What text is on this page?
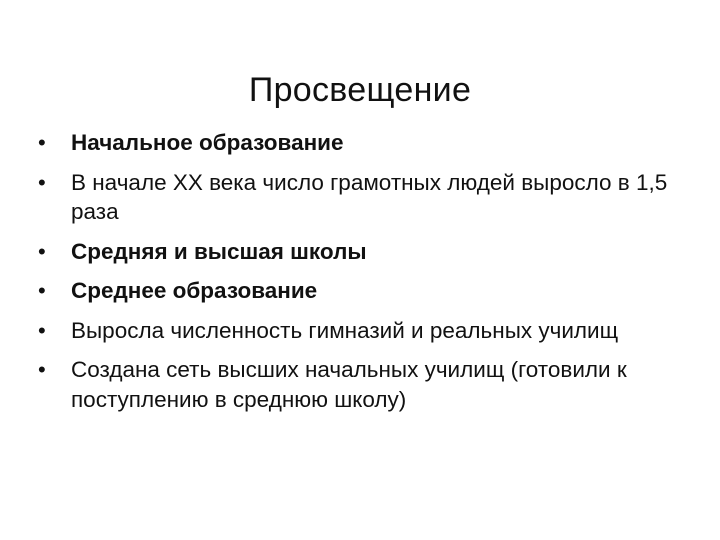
Просвещение
•	Начальное образование
•	В начале XX века число грамотных людей выросло в 1,5 раза
•	Средняя и высшая школы
•	Среднее образование
•	Выросла численность гимназий и реальных училищ
•	Создана сеть высших начальных училищ (готовили к поступлению в среднюю школу)
